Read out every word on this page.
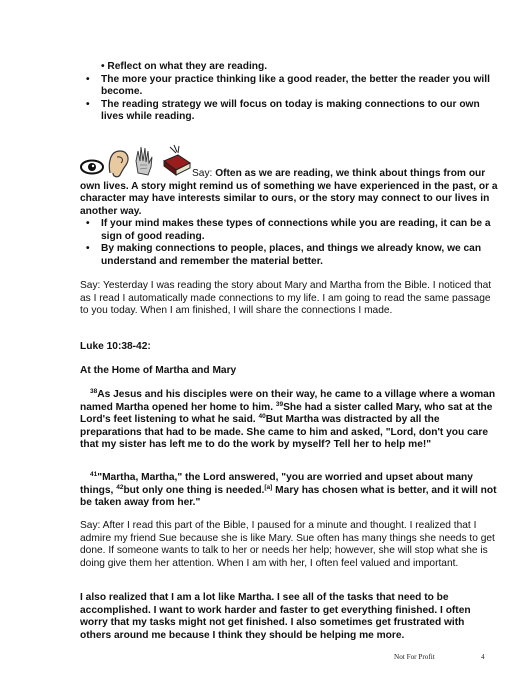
• Reflect on what they are reading.
• The more your practice thinking like a good reader, the better the reader you will become.
• The reading strategy we will focus on today is making connections to our own lives while reading.

Say: Often as we are reading, we think about things from our own lives. A story might remind us of something we have experienced in the past, or a character may have interests similar to ours, or the story may connect to our lives in another way.

• If your mind makes these types of connections while you are reading, it can be a sign of good reading.
• By making connections to people, places, and things we already know, we can understand and remember the material better.

Say: Yesterday I was reading the story about Mary and Martha from the Bible. I noticed that as I read I automatically made connections to my life. I am going to read the same passage to you today. When I am finished, I will share the connections I made.

Luke 10:38-42:

At the Home of Martha and Mary

$^{38}$As Jesus and his disciples were on their way, he came to a village where a woman named Martha opened her home to him. $^{39}$She had a sister called Mary, who sat at the Lord's feet listening to what he said. $^{40}$But Martha was distracted by all the preparations that had to be made. She came to him and asked, "Lord, don't you care that my sister has left me to do the work by myself? Tell her to help me!"

$^{41}$"Martha, Martha," the Lord answered, "you are worried and upset about many things, $^{42}$but only one thing is needed.[a] Mary has chosen what is better, and it will not be taken away from her."

Say: After I read this part of the Bible, I paused for a minute and thought. I realized that I admire my friend Sue because she is like Mary. Sue often has many things she needs to get done. If someone wants to talk to her or needs her help; however, she will stop what she is doing give them her attention. When I am with her, I often feel valued and important.

I also realized that I am a lot like Martha. I see all of the tasks that need to be accomplished. I want to work harder and faster to get everything finished. I often worry that my tasks might not get finished. I also sometimes get frustrated with others around me because I think they should be helping me more.

Not For Profit	4
